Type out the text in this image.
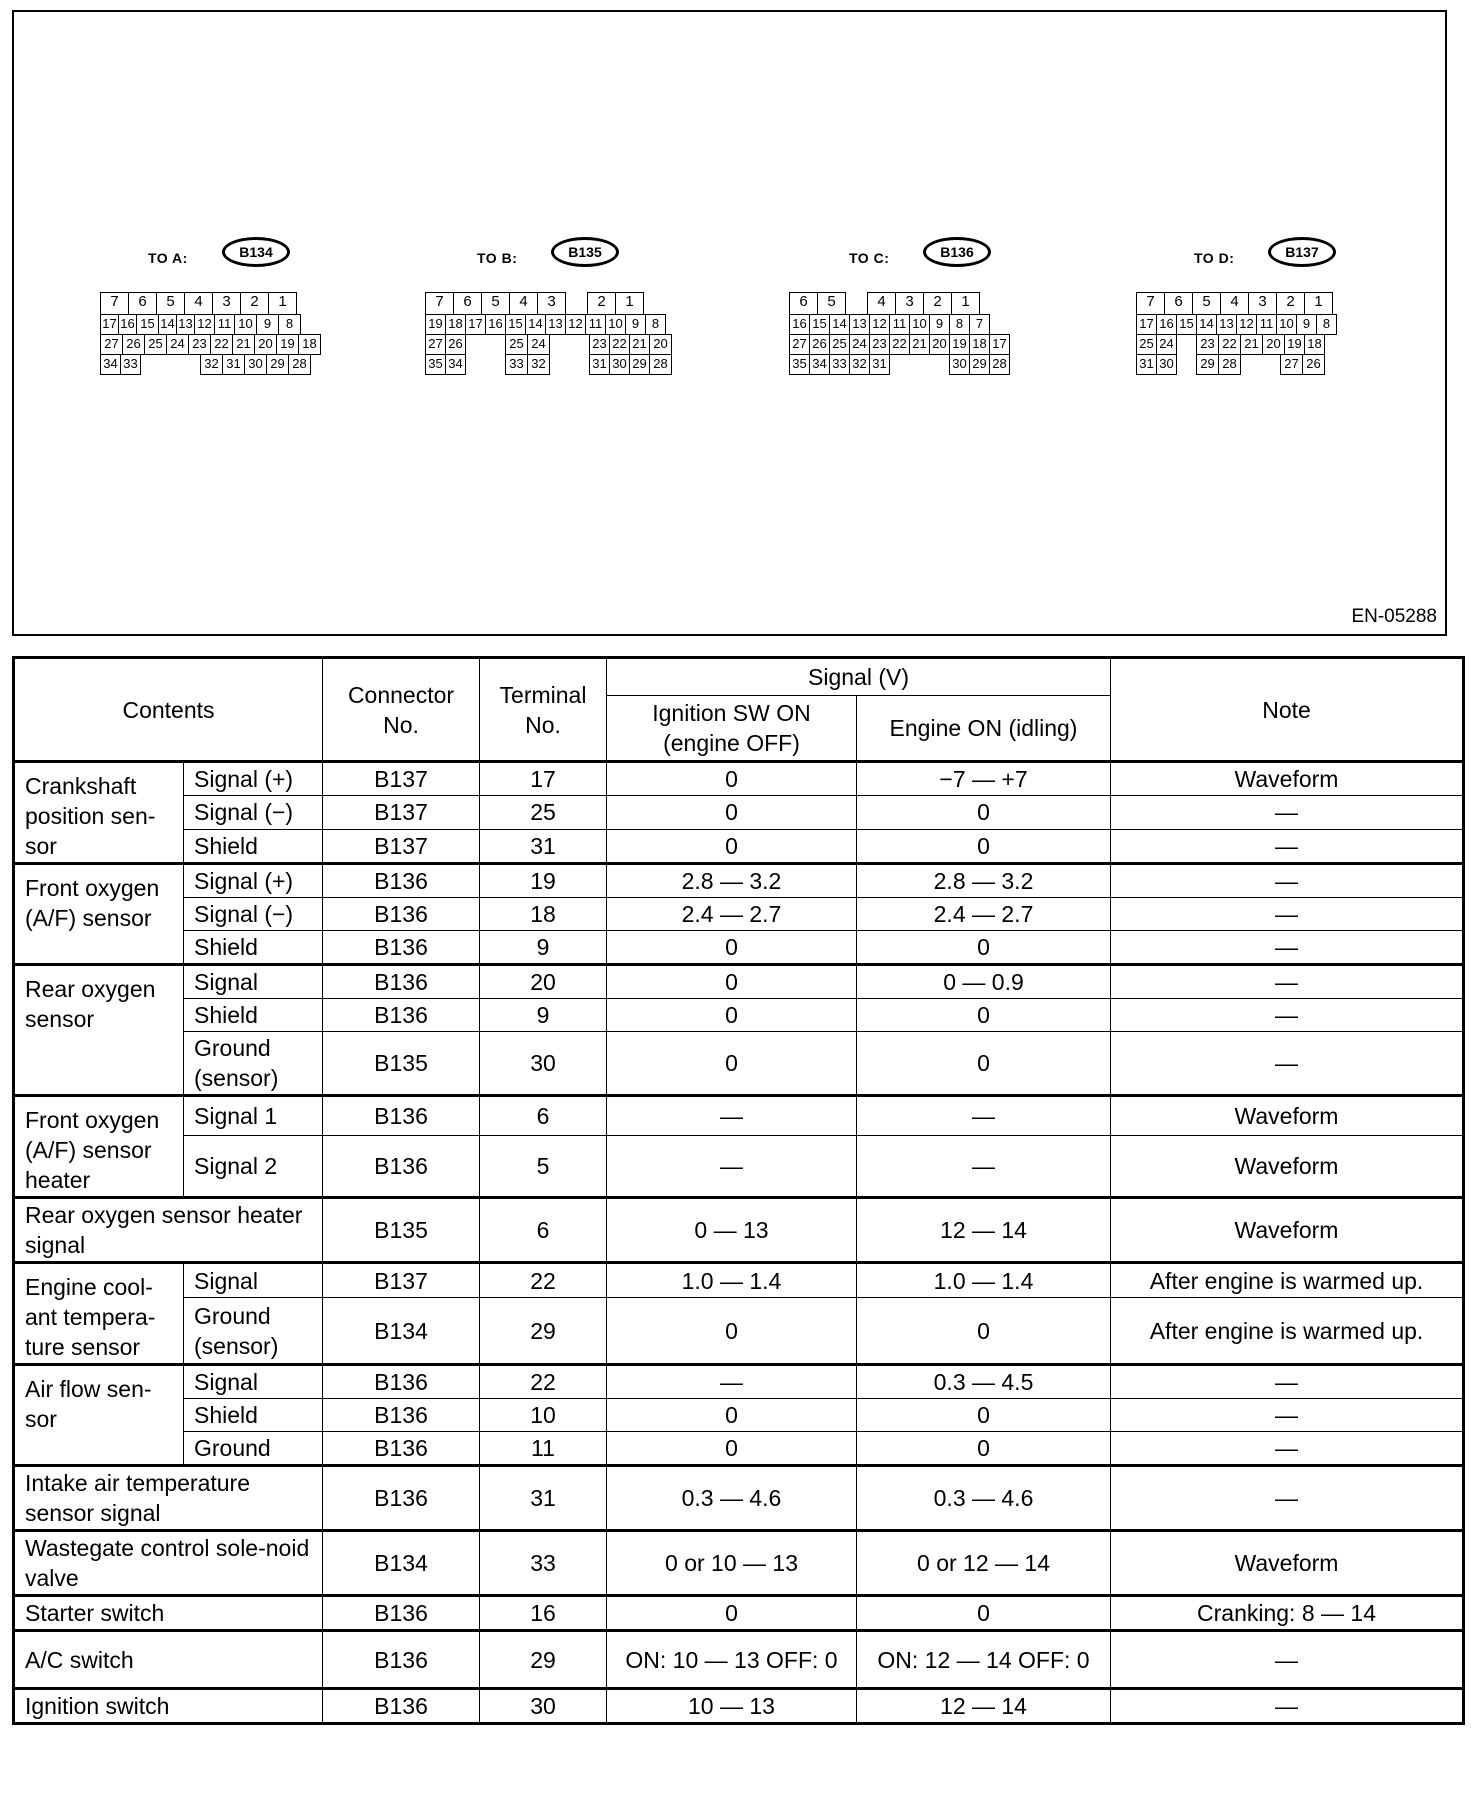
TO A:	B134
7	6	5	4	3	2	1
17 16 15 14 13 12 11 10 9	8
27 26 25 24 23 22 21 20 19 18
34 33	32 31 30 29 28
TO B:	B135
7	6	5	4	3	2	1
19 18 17 16 15 14 13 12 11 10 9 8
27 26	25 24	23 22 21 20
35 34	33 32	31 30 29 28
TO C:	B136
6	5	4	3	2	1
16 15 14 13 12 11 10 9 8 7
27 26 25 24 23 22 21 20 19 18 17
35 34 33 32 31	30 29 28
TO D:	B137
7	6	5	4	3	2	1
17 16 15 14 13 12 11 10 9 8
25 24	23 22 21 20 19 18
31 30	29 28	27 26
EN-05288
Contents		Connector No.	Terminal No.	Signal (V)		Note
				Ignition SW ON (engine OFF)	Engine ON (idling)	
Crankshaft position sen-sor	Signal (+)	B137	17	0	−7 — +7	Waveform
	Signal (−)	B137	25	0	0	—
	Shield	B137	31	0	0	—
Front oxygen (A/F) sensor	Signal (+)	B136	19	2.8 — 3.2	2.8 — 3.2	—
	Signal (−)	B136	18	2.4 — 2.7	2.4 — 2.7	—
	Shield	B136	9	0	0	—
Rear oxygen sensor	Signal	B136	20	0	0 — 0.9	—
	Shield	B136	9	0	0	—
	Ground (sensor)	B135	30	0	0	—
Front oxygen (A/F) sensor heater	Signal 1	B136	6	—	—	Waveform
	Signal 2	B136	5	—	—	Waveform
Rear oxygen sensor heater signal		B135	6	0 — 13	12 — 14	Waveform
Engine cool-ant tempera-ture sensor	Signal	B137	22	1.0 — 1.4	1.0 — 1.4	After engine is warmed up.
	Ground (sensor)	B134	29	0	0	After engine is warmed up.
Air flow sen-sor	Signal	B136	22	—	0.3 — 4.5	—
	Shield	B136	10	0	0	—
	Ground	B136	11	0	0	—
Intake air temperature sensor signal		B136	31	0.3 — 4.6	0.3 — 4.6	—
Wastegate control sole-noid valve		B134	33	0 or 10 — 13	0 or 12 — 14	Waveform
Starter switch		B136	16	0	0	Cranking: 8 — 14
A/C switch		B136	29	ON: 10 — 13 OFF: 0	ON: 12 — 14 OFF: 0	—
Ignition switch		B136	30	10 — 13	12 — 14	—
